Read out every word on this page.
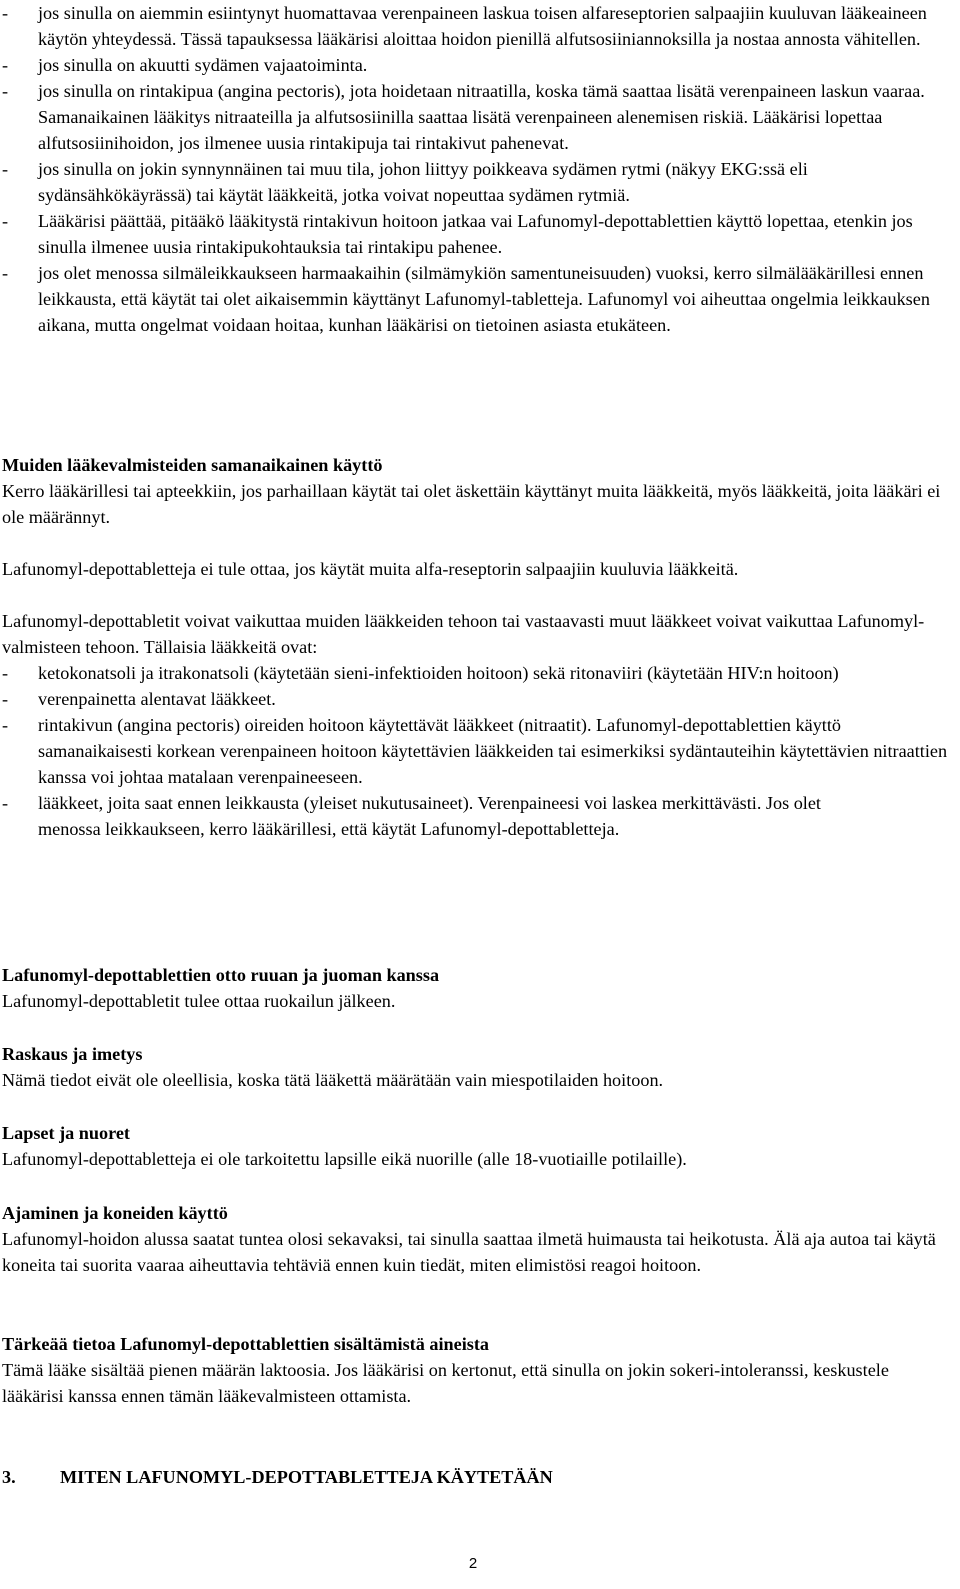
- jos sinulla on aiemmin esiintynyt huomattavaa verenpaineen laskua toisen alfareseptorien salpaajiin kuuluvan lääkeaineen käytön yhteydessä. Tässä tapauksessa lääkärisi aloittaa hoidon pienillä alfutsosiiniannoksilla ja nostaa annosta vähitellen.
- jos sinulla on akuutti sydämen vajaatoiminta.
- jos sinulla on rintakipua (angina pectoris), jota hoidetaan nitraatilla, koska tämä saattaa lisätä verenpaineen laskun vaaraa. Samanaikainen lääkitys nitraateilla ja alfutsosiinilla saattaa lisätä verenpaineen alenemisen riskiä. Lääkärisi lopettaa alfutsosiinihoidon, jos ilmenee uusia rintakipuja tai rintakivut pahenevat.
- jos sinulla on jokin synnynnäinen tai muu tila, johon liittyy poikkeava sydämen rytmi (näkyy EKG:ssä eli sydänsähkökäyrässä) tai käytät lääkkeitä, jotka voivat nopeuttaa sydämen rytmiä.
- Lääkärisi päättää, pitääkö lääkitystä rintakivun hoitoon jatkaa vai Lafunomyl-depottablettien käyttö lopettaa, etenkin jos sinulla ilmenee uusia rintakipukohtauksia tai rintakipu pahenee.
- jos olet menossa silmäleikkaukseen harmaakaihin (silmämykiön samentuneisuuden) vuoksi, kerro silmälääkärillesi ennen leikkausta, että käytät tai olet aikaisemmin käyttänyt Lafunomyl-tabletteja. Lafunomyl voi aiheuttaa ongelmia leikkauksen aikana, mutta ongelmat voidaan hoitaa, kunhan lääkärisi on tietoinen asiasta etukäteen.
Muiden lääkevalmisteiden samanaikainen käyttö
Kerro lääkärillesi tai apteekkiin, jos parhaillaan käytät tai olet äskettäin käyttänyt muita lääkkeitä, myös lääkkeitä, joita lääkäri ei ole määrännyt.
Lafunomyl-depottabletteja ei tule ottaa, jos käytät muita alfa-reseptorin salpaajiin kuuluvia lääkkeitä.
Lafunomyl-depottabletit voivat vaikuttaa muiden lääkkeiden tehoon tai vastaavasti muut lääkkeet voivat vaikuttaa Lafunomyl-valmisteen tehoon. Tällaisia lääkkeitä ovat:
- ketokonatsoli ja itrakonatsoli (käytetään sieni-infektioiden hoitoon) sekä ritonaviiri (käytetään HIV:n hoitoon)
- verenpainetta alentavat lääkkeet.
- rintakivun (angina pectoris) oireiden hoitoon käytettävät lääkkeet (nitraatit). Lafunomyl-depottablettien käyttö samanaikaisesti korkean verenpaineen hoitoon käytettävien lääkkeiden tai esimerkiksi sydäntauteihin käytettävien nitraattien kanssa voi johtaa matalaan verenpaineeseen.
- lääkkeet, joita saat ennen leikkausta (yleiset nukutusaineet). Verenpaineesi voi laskea merkittävästi. Jos olet menossa leikkaukseen, kerro lääkärillesi, että käytät Lafunomyl-depottabletteja.
Lafunomyl-depottablettien otto ruuan ja juoman kanssa
Lafunomyl-depottabletit tulee ottaa ruokailun jälkeen.
Raskaus ja imetys
Nämä tiedot eivät ole oleellisia, koska tätä lääkettä määrätään vain miespotilaiden hoitoon.
Lapset ja nuoret
Lafunomyl-depottabletteja ei ole tarkoitettu lapsille eikä nuorille (alle 18-vuotiaille potilaille).
Ajaminen ja koneiden käyttö
Lafunomyl-hoidon alussa saatat tuntea olosi sekavaksi, tai sinulla saattaa ilmetä huimausta tai heikotusta. Älä aja autoa tai käytä koneita tai suorita vaaraa aiheuttavia tehtäviä ennen kuin tiedät, miten elimistösi reagoi hoitoon.
Tärkeää tietoa Lafunomyl-depottablettien sisältämistä aineista
Tämä lääke sisältää pienen määrän laktoosia. Jos lääkärisi on kertonut, että sinulla on jokin sokeri-intoleranssi, keskustele lääkärisi kanssa ennen tämän lääkevalmisteen ottamista.
3. MITEN LAFUNOMYL-DEPOTTABLETTEJA KÄYTETÄÄN
2
